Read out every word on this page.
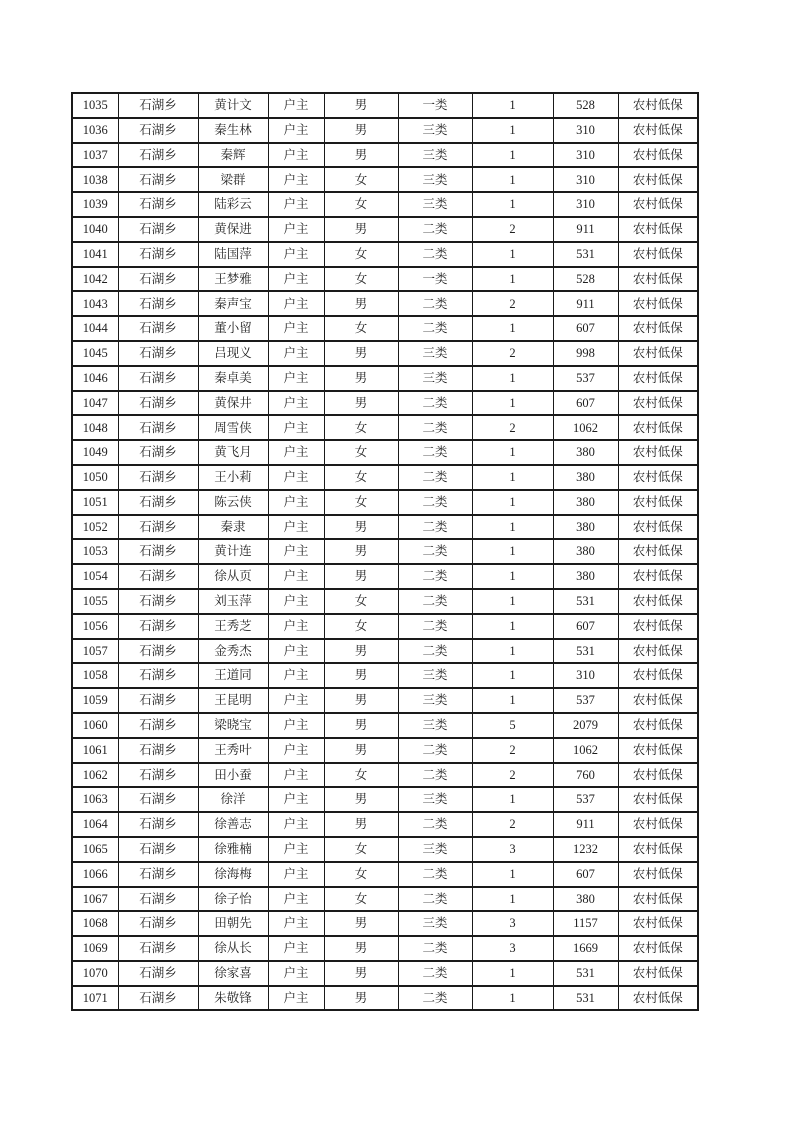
1035	石湖乡	黄计文	户主	男	一类	1	528	农村低保
1036	石湖乡	秦生林	户主	男	三类	1	310	农村低保
1037	石湖乡	秦辉	户主	男	三类	1	310	农村低保
1038	石湖乡	梁群	户主	女	三类	1	310	农村低保
1039	石湖乡	陆彩云	户主	女	三类	1	310	农村低保
1040	石湖乡	黄保进	户主	男	二类	2	911	农村低保
1041	石湖乡	陆国萍	户主	女	二类	1	531	农村低保
1042	石湖乡	王梦雅	户主	女	一类	1	528	农村低保
1043	石湖乡	秦声宝	户主	男	二类	2	911	农村低保
1044	石湖乡	董小留	户主	女	二类	1	607	农村低保
1045	石湖乡	吕现义	户主	男	三类	2	998	农村低保
1046	石湖乡	秦卓美	户主	男	三类	1	537	农村低保
1047	石湖乡	黄保井	户主	男	二类	1	607	农村低保
1048	石湖乡	周雪侠	户主	女	二类	2	1062	农村低保
1049	石湖乡	黄飞月	户主	女	二类	1	380	农村低保
1050	石湖乡	王小莉	户主	女	二类	1	380	农村低保
1051	石湖乡	陈云侠	户主	女	二类	1	380	农村低保
1052	石湖乡	秦隶	户主	男	二类	1	380	农村低保
1053	石湖乡	黄计连	户主	男	二类	1	380	农村低保
1054	石湖乡	徐从页	户主	男	二类	1	380	农村低保
1055	石湖乡	刘玉萍	户主	女	二类	1	531	农村低保
1056	石湖乡	王秀芝	户主	女	二类	1	607	农村低保
1057	石湖乡	金秀杰	户主	男	二类	1	531	农村低保
1058	石湖乡	王道同	户主	男	三类	1	310	农村低保
1059	石湖乡	王昆明	户主	男	三类	1	537	农村低保
1060	石湖乡	梁晓宝	户主	男	三类	5	2079	农村低保
1061	石湖乡	王秀叶	户主	男	二类	2	1062	农村低保
1062	石湖乡	田小蚕	户主	女	二类	2	760	农村低保
1063	石湖乡	徐洋	户主	男	三类	1	537	农村低保
1064	石湖乡	徐善志	户主	男	二类	2	911	农村低保
1065	石湖乡	徐雅楠	户主	女	三类	3	1232	农村低保
1066	石湖乡	徐海梅	户主	女	二类	1	607	农村低保
1067	石湖乡	徐子怡	户主	女	二类	1	380	农村低保
1068	石湖乡	田朝先	户主	男	三类	3	1157	农村低保
1069	石湖乡	徐从长	户主	男	二类	3	1669	农村低保
1070	石湖乡	徐家喜	户主	男	二类	1	531	农村低保
1071	石湖乡	朱敬锋	户主	男	二类	1	531	农村低保
